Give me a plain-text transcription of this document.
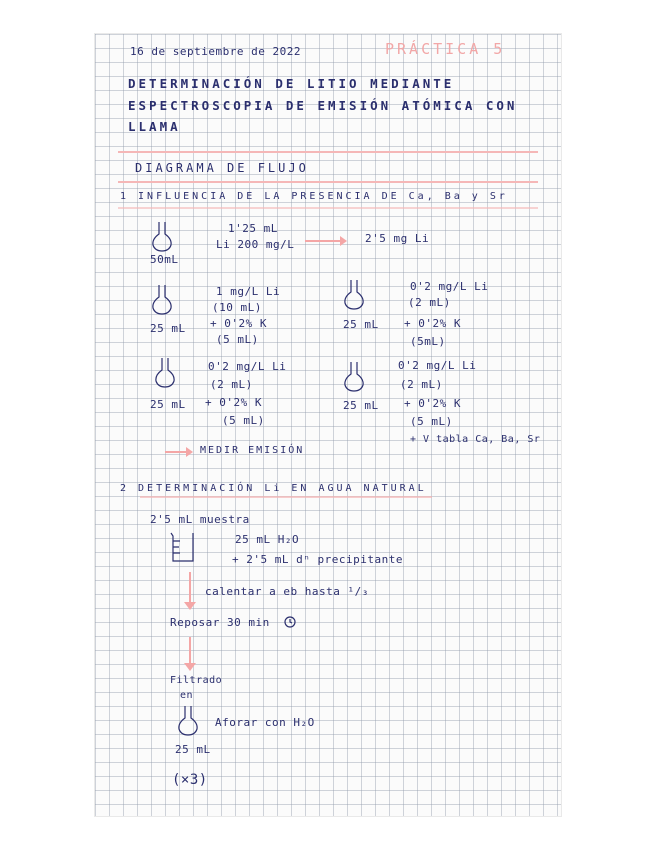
16 de septiembre de 2022	PRÁCTICA 5
DETERMINACIÓN DE LITIO MEDIANTE
ESPECTROSCOPIA DE EMISIÓN ATÓMICA CON
LLAMA
DIAGRAMA DE FLUJO
1 INFLUENCIA DE LA PRESENCIA DE Ca, Ba y Sr
50mL
1'25 mL
Li 200 mg/L	2'5 mg Li
25 mL
1 mg/L Li
(10 mL)
+ 0'2% K
(5 mL)
25 mL
0'2 mg/L Li
(2 mL)
+ 0'2% K
(5mL)
25 mL
0'2 mg/L Li
(2 mL)
+ 0'2% K
(5 mL)
25 mL
0'2 mg/L Li
(2 mL)
+ 0'2% K
(5 mL)
+ V tabla Ca, Ba, Sr
MEDIR EMISIÓN
2 DETERMINACIÓN Li EN AGUA NATURAL
2'5 mL muestra
25 mL H₂O
+ 2'5 mL dⁿ precipitante
calentar a eb hasta ¹/₃
Reposar 30 min
Filtrado
en
Aforar con H₂O
25 mL
(×3)
